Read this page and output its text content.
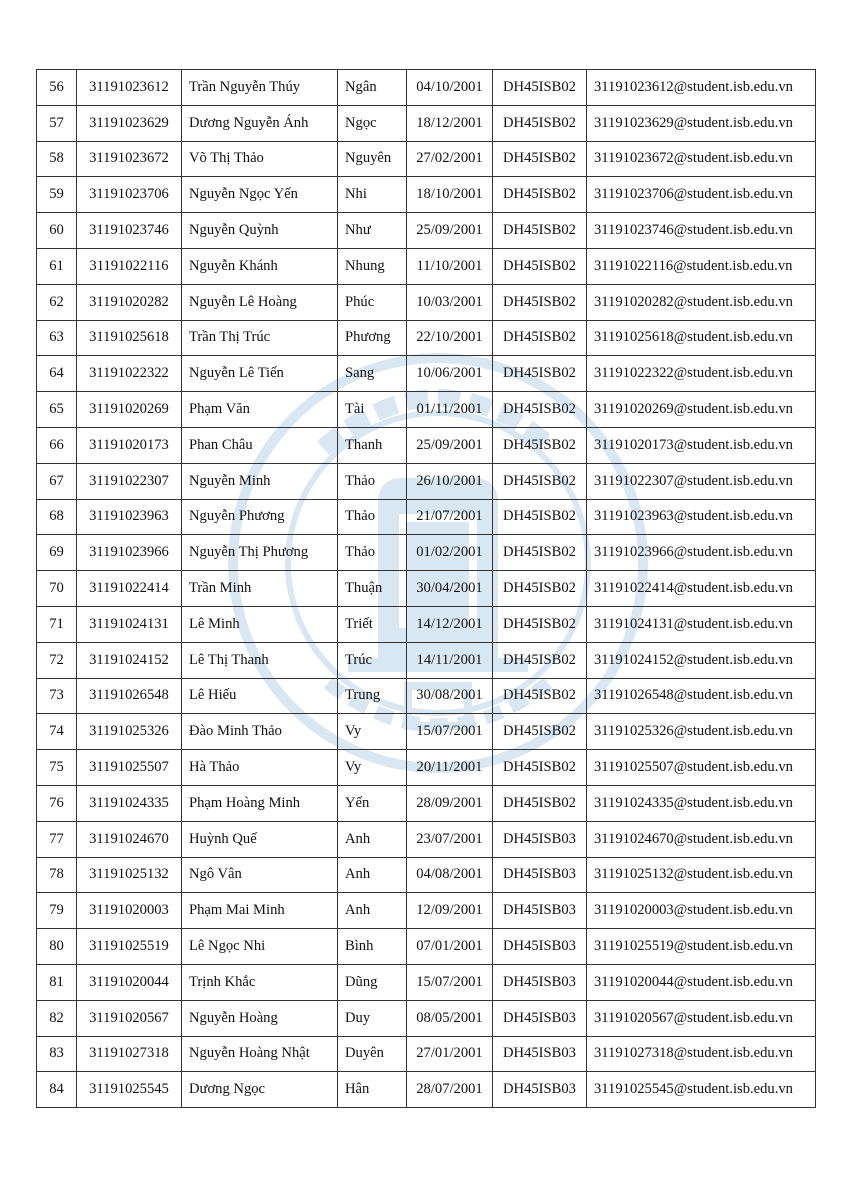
56	31191023612	Trần Nguyễn Thúy	Ngân	04/10/2001	DH45ISB02	31191023612@student.isb.edu.vn
57	31191023629	Dương Nguyễn Ánh	Ngọc	18/12/2001	DH45ISB02	31191023629@student.isb.edu.vn
58	31191023672	Võ Thị Thảo	Nguyên	27/02/2001	DH45ISB02	31191023672@student.isb.edu.vn
59	31191023706	Nguyễn Ngọc Yến	Nhi	18/10/2001	DH45ISB02	31191023706@student.isb.edu.vn
60	31191023746	Nguyễn Quỳnh	Như	25/09/2001	DH45ISB02	31191023746@student.isb.edu.vn
61	31191022116	Nguyễn Khánh	Nhung	11/10/2001	DH45ISB02	31191022116@student.isb.edu.vn
62	31191020282	Nguyễn Lê Hoàng	Phúc	10/03/2001	DH45ISB02	31191020282@student.isb.edu.vn
63	31191025618	Trần Thị Trúc	Phương	22/10/2001	DH45ISB02	31191025618@student.isb.edu.vn
64	31191022322	Nguyễn Lê Tiến	Sang	10/06/2001	DH45ISB02	31191022322@student.isb.edu.vn
65	31191020269	Phạm Văn	Tài	01/11/2001	DH45ISB02	31191020269@student.isb.edu.vn
66	31191020173	Phan Châu	Thanh	25/09/2001	DH45ISB02	31191020173@student.isb.edu.vn
67	31191022307	Nguyễn Minh	Thảo	26/10/2001	DH45ISB02	31191022307@student.isb.edu.vn
68	31191023963	Nguyễn Phương	Thảo	21/07/2001	DH45ISB02	31191023963@student.isb.edu.vn
69	31191023966	Nguyễn Thị Phương	Thảo	01/02/2001	DH45ISB02	31191023966@student.isb.edu.vn
70	31191022414	Trần Minh	Thuận	30/04/2001	DH45ISB02	31191022414@student.isb.edu.vn
71	31191024131	Lê Minh	Triết	14/12/2001	DH45ISB02	31191024131@student.isb.edu.vn
72	31191024152	Lê Thị Thanh	Trúc	14/11/2001	DH45ISB02	31191024152@student.isb.edu.vn
73	31191026548	Lê Hiếu	Trung	30/08/2001	DH45ISB02	31191026548@student.isb.edu.vn
74	31191025326	Đào Minh Thảo	Vy	15/07/2001	DH45ISB02	31191025326@student.isb.edu.vn
75	31191025507	Hà Thảo	Vy	20/11/2001	DH45ISB02	31191025507@student.isb.edu.vn
76	31191024335	Phạm Hoàng Minh	Yến	28/09/2001	DH45ISB02	31191024335@student.isb.edu.vn
77	31191024670	Huỳnh Quế	Anh	23/07/2001	DH45ISB03	31191024670@student.isb.edu.vn
78	31191025132	Ngô Vân	Anh	04/08/2001	DH45ISB03	31191025132@student.isb.edu.vn
79	31191020003	Phạm Mai Minh	Anh	12/09/2001	DH45ISB03	31191020003@student.isb.edu.vn
80	31191025519	Lê Ngọc Nhi	Bình	07/01/2001	DH45ISB03	31191025519@student.isb.edu.vn
81	31191020044	Trịnh Khắc	Dũng	15/07/2001	DH45ISB03	31191020044@student.isb.edu.vn
82	31191020567	Nguyễn Hoàng	Duy	08/05/2001	DH45ISB03	31191020567@student.isb.edu.vn
83	31191027318	Nguyễn Hoàng Nhật	Duyên	27/01/2001	DH45ISB03	31191027318@student.isb.edu.vn
84	31191025545	Dương Ngọc	Hân	28/07/2001	DH45ISB03	31191025545@student.isb.edu.vn
